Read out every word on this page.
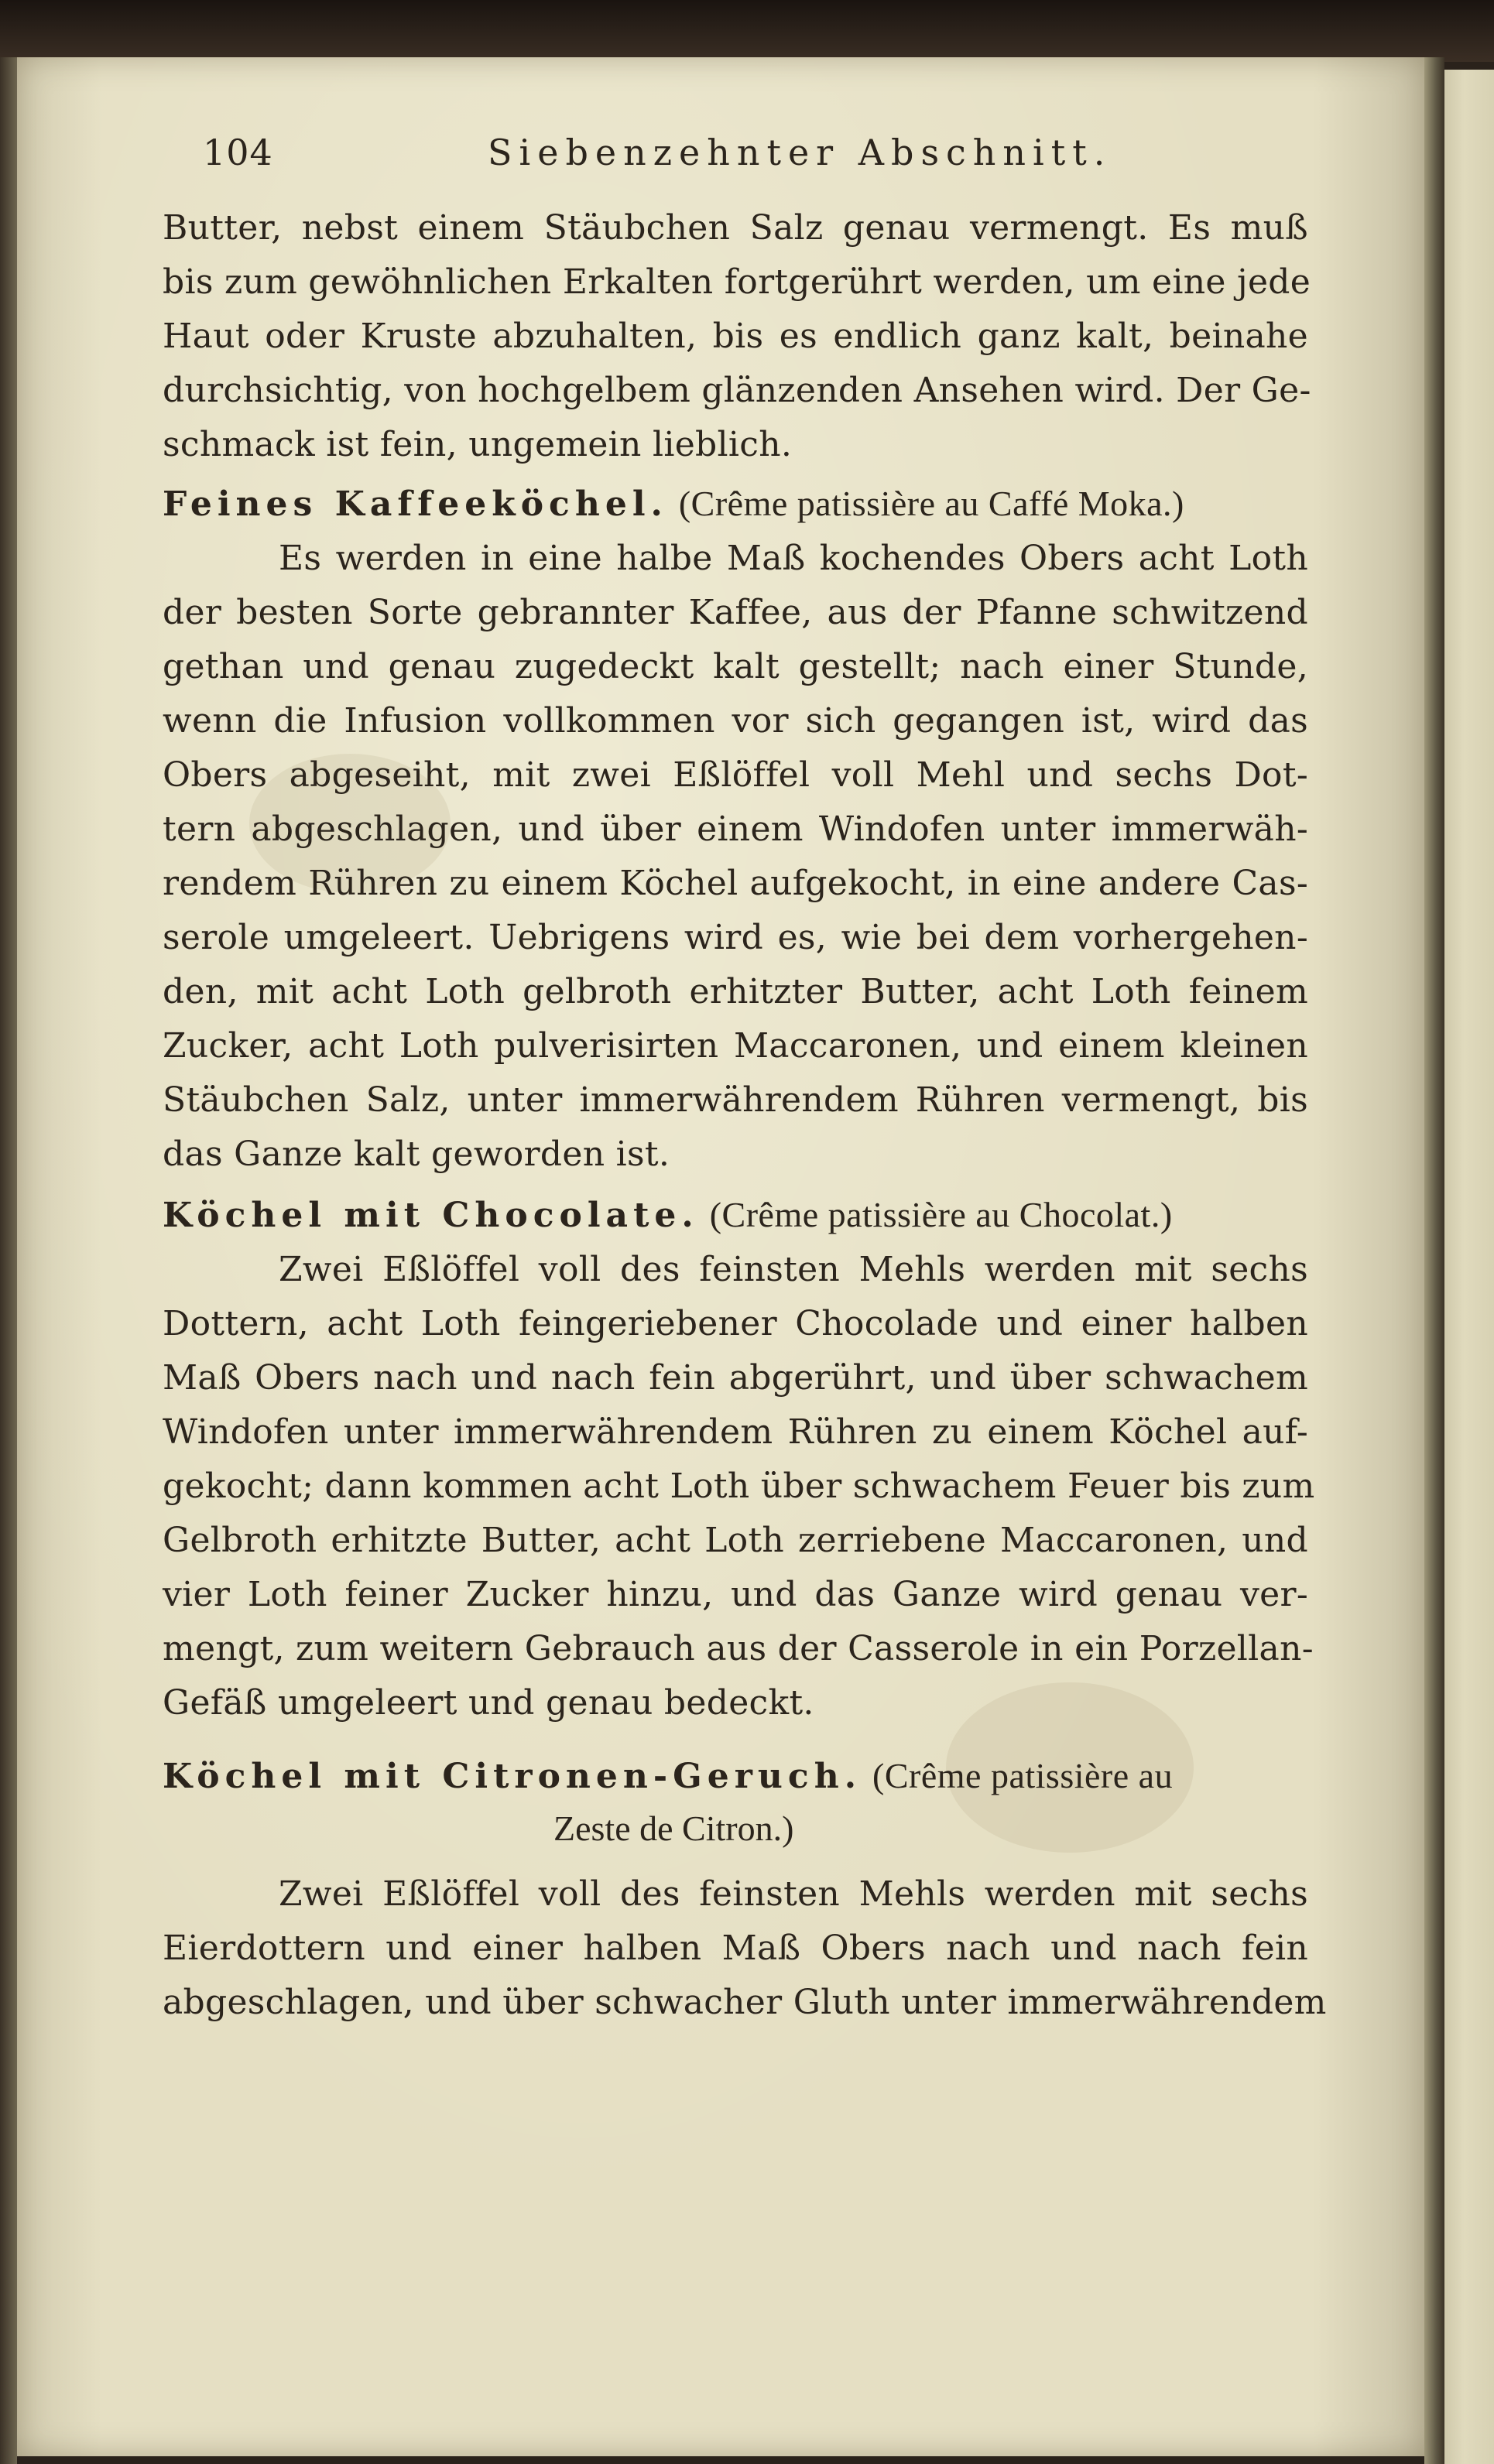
104	Siebenzehnter Abschnitt.
Butter, nebst einem Stäubchen Salz genau vermengt. Es muß
bis zum gewöhnlichen Erkalten fortgerührt werden, um eine jede
Haut oder Kruste abzuhalten, bis es endlich ganz kalt, beinahe
durchsichtig, von hochgelbem glänzenden Ansehen wird. Der Ge-
schmack ist fein, ungemein lieblich.
Feines Kaffeeköchel. (Crême patissière au Caffé Moka.)
Es werden in eine halbe Maß kochendes Obers acht Loth
der besten Sorte gebrannter Kaffee, aus der Pfanne schwitzend
gethan und genau zugedeckt kalt gestellt; nach einer Stunde,
wenn die Infusion vollkommen vor sich gegangen ist, wird das
Obers abgeseiht, mit zwei Eßlöffel voll Mehl und sechs Dot-
tern abgeschlagen, und über einem Windofen unter immerwäh-
rendem Rühren zu einem Köchel aufgekocht, in eine andere Cas-
serole umgeleert. Uebrigens wird es, wie bei dem vorhergehen-
den, mit acht Loth gelbroth erhitzter Butter, acht Loth feinem
Zucker, acht Loth pulverisirten Maccaronen, und einem kleinen
Stäubchen Salz, unter immerwährendem Rühren vermengt, bis
das Ganze kalt geworden ist.
Köchel mit Chocolate. (Crême patissière au Chocolat.)
Zwei Eßlöffel voll des feinsten Mehls werden mit sechs
Dottern, acht Loth feingeriebener Chocolade und einer halben
Maß Obers nach und nach fein abgerührt, und über schwachem
Windofen unter immerwährendem Rühren zu einem Köchel auf-
gekocht; dann kommen acht Loth über schwachem Feuer bis zum
Gelbroth erhitzte Butter, acht Loth zerriebene Maccaronen, und
vier Loth feiner Zucker hinzu, und das Ganze wird genau ver-
mengt, zum weitern Gebrauch aus der Casserole in ein Porzellan-
Gefäß umgeleert und genau bedeckt.
Köchel mit Citronen-Geruch. (Crême patissière au
Zeste de Citron.)
Zwei Eßlöffel voll des feinsten Mehls werden mit sechs
Eierdottern und einer halben Maß Obers nach und nach fein
abgeschlagen, und über schwacher Gluth unter immerwährendem
